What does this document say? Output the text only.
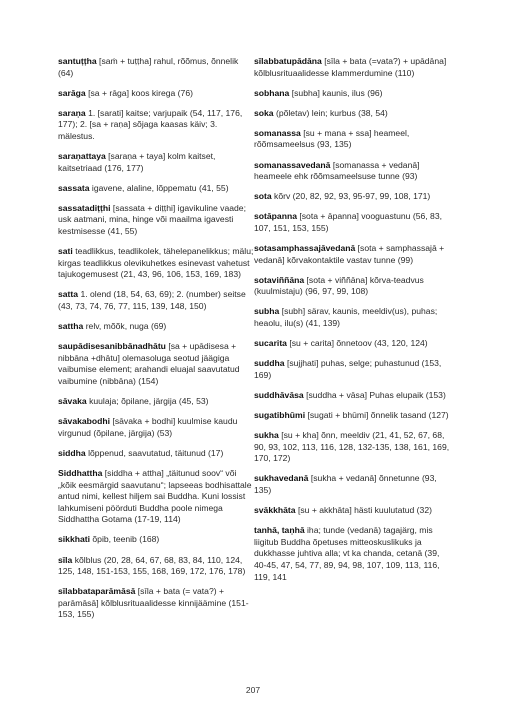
santuṭṭha [saṁ + tuṭṭha] rahul, rõõmus, õnnelik (64)

sarāga [sa + rāga] koos kirega (76)

saraṇa 1. [sarati] kaitse; varjupaik (54, 117, 176, 177); 2. [sa + raṇa] sõjaga kaasas käiv; 3. mälestus.

saraṇattaya [saraṇa + taya] kolm kaitset, kaitsetriaad (176, 177)

sassata igavene, alaline, lõppematu (41, 55)

sassatadiṭṭhi [sassata + diṭṭhi] igavikuline vaade; usk aatmani, mina, hinge või maailma igavesti kestmisesse (41, 55)

sati teadlikkus, teadlikolek, tähelepanelikkus; mälu; kirgas teadlikkus olevikuhetkes esinevast vahetust tajukogemusest (21, 43, 96, 106, 153, 169, 183)

satta 1. olend (18, 54, 63, 69); 2. (number) seitse (43, 73, 74, 76, 77, 115, 139, 148, 150)

sattha relv, mõõk, nuga (69)

saupādisesanibbānadhātu [sa + upādisesa + nibbāna +dhātu] olemasoluga seotud jäägiga vaibumise element; arahandi eluajal saavutatud vaibumine (nibbāna) (154)

sāvaka kuulaja; õpilane, järgija (45, 53)

sāvakabodhi [sāvaka + bodhi] kuulmise kaudu virgunud (õpilane, järgija) (53)

siddha lõppenud, saavutatud, täitunud (17)

Siddhattha [siddha + attha] „täitunud soov“ või „kõik eesmärgid saavutanu“; lapseeas bodhisattale antud nimi, kellest hiljem sai Buddha. Kuni lossist lahkumiseni pöörduti Buddha poole nimega Siddhattha Gotama (17-19, 114)

sikkhati õpib, teenib (168)

sīla kõlblus (20, 28, 64, 67, 68, 83, 84, 110, 124, 125, 148, 151-153, 155, 168, 169, 172, 176, 178)

sīlabbataparāmāsā [sīla + bata (= vata?) + parāmāsā] kõlblusrituaalidesse kinnijäämine (151-153, 155)

sīlabbatupādāna [sīla + bata (=vata?) + upādāna] kõlblusrituaalidesse klammerdumine (110)

sobhana [subha] kaunis, ilus (96)

soka (põletav) lein; kurbus (38, 54)

somanassa [su + mana + ssa] heameel, rõõmsameelsus (93, 135)

somanassavedanā [somanassa + vedanā] heameele ehk rõõmsameelsuse tunne (93)

sota kõrv (20, 82, 92, 93, 95-97, 99, 108, 171)

sotāpanna [sota + āpanna] vooguastunu (56, 83, 107, 151, 153, 155)

sotasamphassajāvedanā [sota + samphassajā + vedanā] kõrvakontaktile vastav tunne (99)

sotaviññāna [sota + viññāna] kõrva-teadvus (kuulmistaju) (96, 97, 99, 108)

subha [subh] särav, kaunis, meeldiv(us), puhas; heaolu, ilu(s) (41, 139)

sucarita [su + carita] õnnetoov (43, 120, 124)

suddha [sujjhati] puhas, selge; puhastunud (153, 169)

suddhāvāsa [suddha + vāsa] Puhas elupaik (153)

sugatibhūmi [sugati + bhūmi] õnnelik tasand (127)

sukha [su + kha] õnn, meeldiv (21, 41, 52, 67, 68, 90, 93, 102, 113, 116, 128, 132-135, 138, 161, 169, 170, 172)

sukhavedanā [sukha + vedanā] õnnetunne (93, 135)

svākkhāta [su + akkhāta] hästi kuulutatud (32)

tanhā, taṇhā iha; tunde (vedanā) tagajärg, mis liigitub Buddha õpetuses mitteoskuslikuks ja dukkhasse juhtiva alla; vt ka chanda, cetanā (39, 40-45, 47, 54, 77, 89, 94, 98, 107, 109, 113, 116, 119, 141

207
